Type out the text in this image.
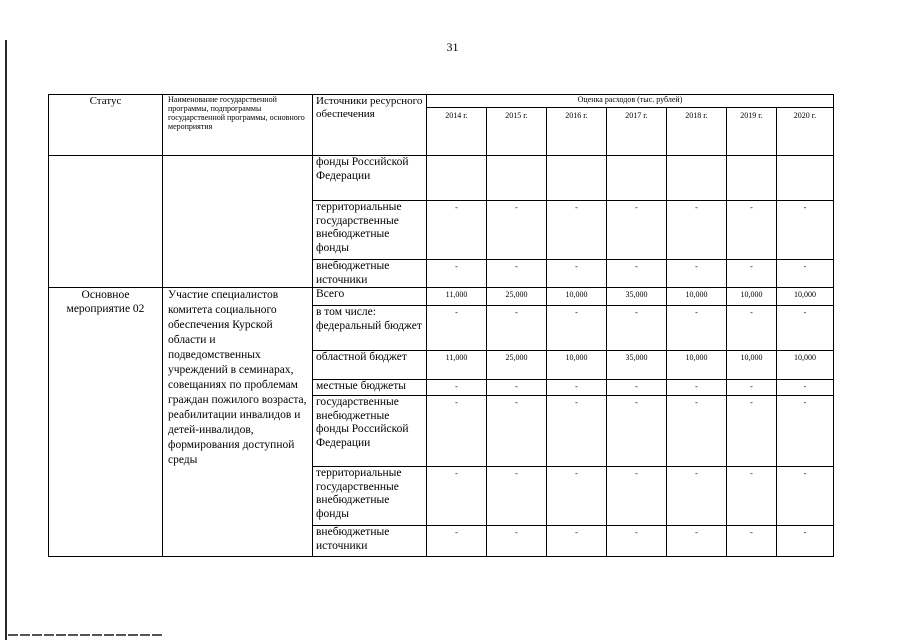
31
Статус	Наименование государственной программы, подпрограммы государственной программы, основного мероприятия	Источники ресурсного обеспечения	Оценка расходов (тыс. рублей)						
			2014 г.	2015 г.	2016 г.	2017 г.	2018 г.	2019 г.	2020 г.
		фонды Российской Федерации							
		территориальные государственные внебюджетные фонды	-	-	-	-	-	-	-
		внебюджетные источники	-	-	-	-	-	-	-
Основное мероприятие 02	Участие специалистов комитета социального обеспечения Курской области и подведомственных учреждений в семинарах, совещаниях по проблемам граждан пожилого возраста, реабилитации инвалидов и детей-инвалидов, формирования доступной среды	Всего	11,000	25,000	10,000	35,000	10,000	10,000	10,000
		в том числе: федеральный бюджет	-	-	-	-	-	-	-
		областной бюджет	11,000	25,000	10,000	35,000	10,000	10,000	10,000
		местные бюджеты	-	-	-	-	-	-	-
		государственные внебюджетные фонды Российской Федерации	-	-	-	-	-	-	-
		территориальные государственные внебюджетные фонды	-	-	-	-	-	-	-
		внебюджетные источники	-	-	-	-	-	-	-
